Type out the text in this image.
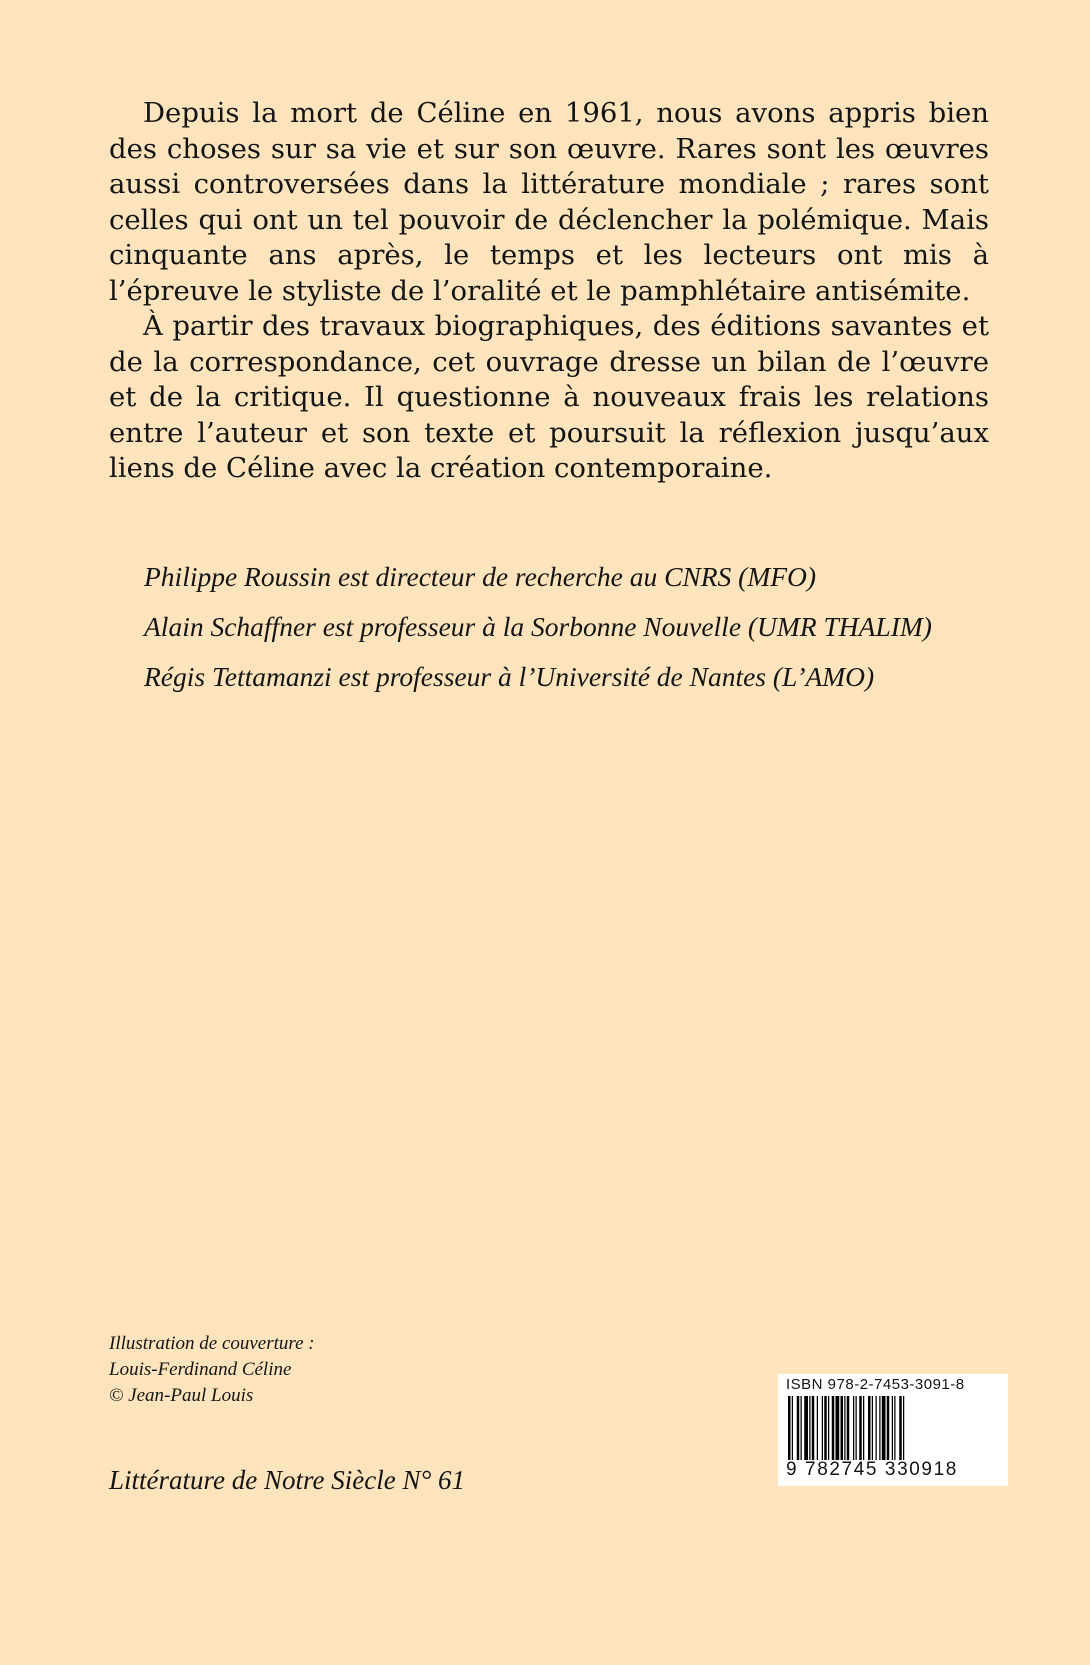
Depuis la mort de Céline en 1961, nous avons appris bien des choses sur sa vie et sur son œuvre. Rares sont les œuvres aussi controversées dans la littérature mondiale ; rares sont celles qui ont un tel pouvoir de déclencher la polémique. Mais cinquante ans après, le temps et les lecteurs ont mis à l’épreuve le styliste de l’oralité et le pamphlétaire antisémite.

À partir des travaux biographiques, des éditions savantes et de la correspondance, cet ouvrage dresse un bilan de l’œuvre et de la critique. Il questionne à nouveaux frais les relations entre l’auteur et son texte et poursuit la réflexion jusqu’aux liens de Céline avec la création contemporaine.

Philippe Roussin est directeur de recherche au CNRS (MFO)
Alain Schaffner est professeur à la Sorbonne Nouvelle (UMR THALIM)
Régis Tettamanzi est professeur à l’Université de Nantes (L’AMO)
Illustration de couverture :
Louis-Ferdinand Céline
© Jean-Paul Louis
Littérature de Notre Siècle N° 61
ISBN 978-2-7453-3091-8
9 782745 330918
